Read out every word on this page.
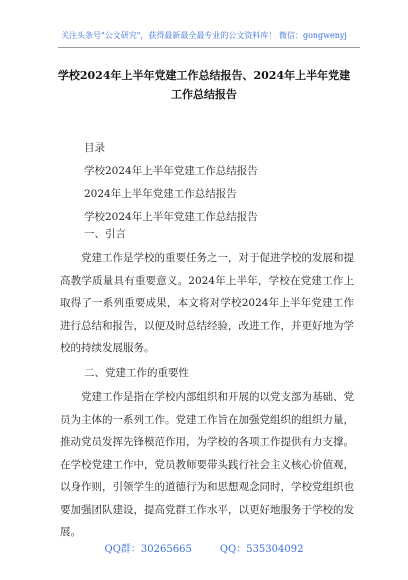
关注头条号"公文研究"，获得最新最全最专业的公文资料库！ 微信：gongwenyj
学校2024年上半年党建工作总结报告、2024年上半年党建
工作总结报告
目录
学校2024年上半年党建工作总结报告
2024年上半年党建工作总结报告
学校2024年上半年党建工作总结报告
一、引言

党建工作是学校的重要任务之一，对于促进学校的发展和提高教学质量具有重要意义。2024年上半年，学校在党建工作上取得了一系列重要成果，本文将对学校2024年上半年党建工作进行总结和报告，以便及时总结经验，改进工作，并更好地为学校的持续发展服务。

二、党建工作的重要性

党建工作是指在学校内部组织和开展的以党支部为基础、党员为主体的一系列工作。党建工作旨在加强党组织的组织力量，推动党员发挥先锋模范作用，为学校的各项工作提供有力支撑。在学校党建工作中，党员教师要带头践行社会主义核心价值观，以身作则，引领学生的道德行为和思想观念同时，学校党组织也要加强团队建设，提高党群工作水平，以更好地服务于学校的发展。

QQ群：30265665	QQ：535304092
